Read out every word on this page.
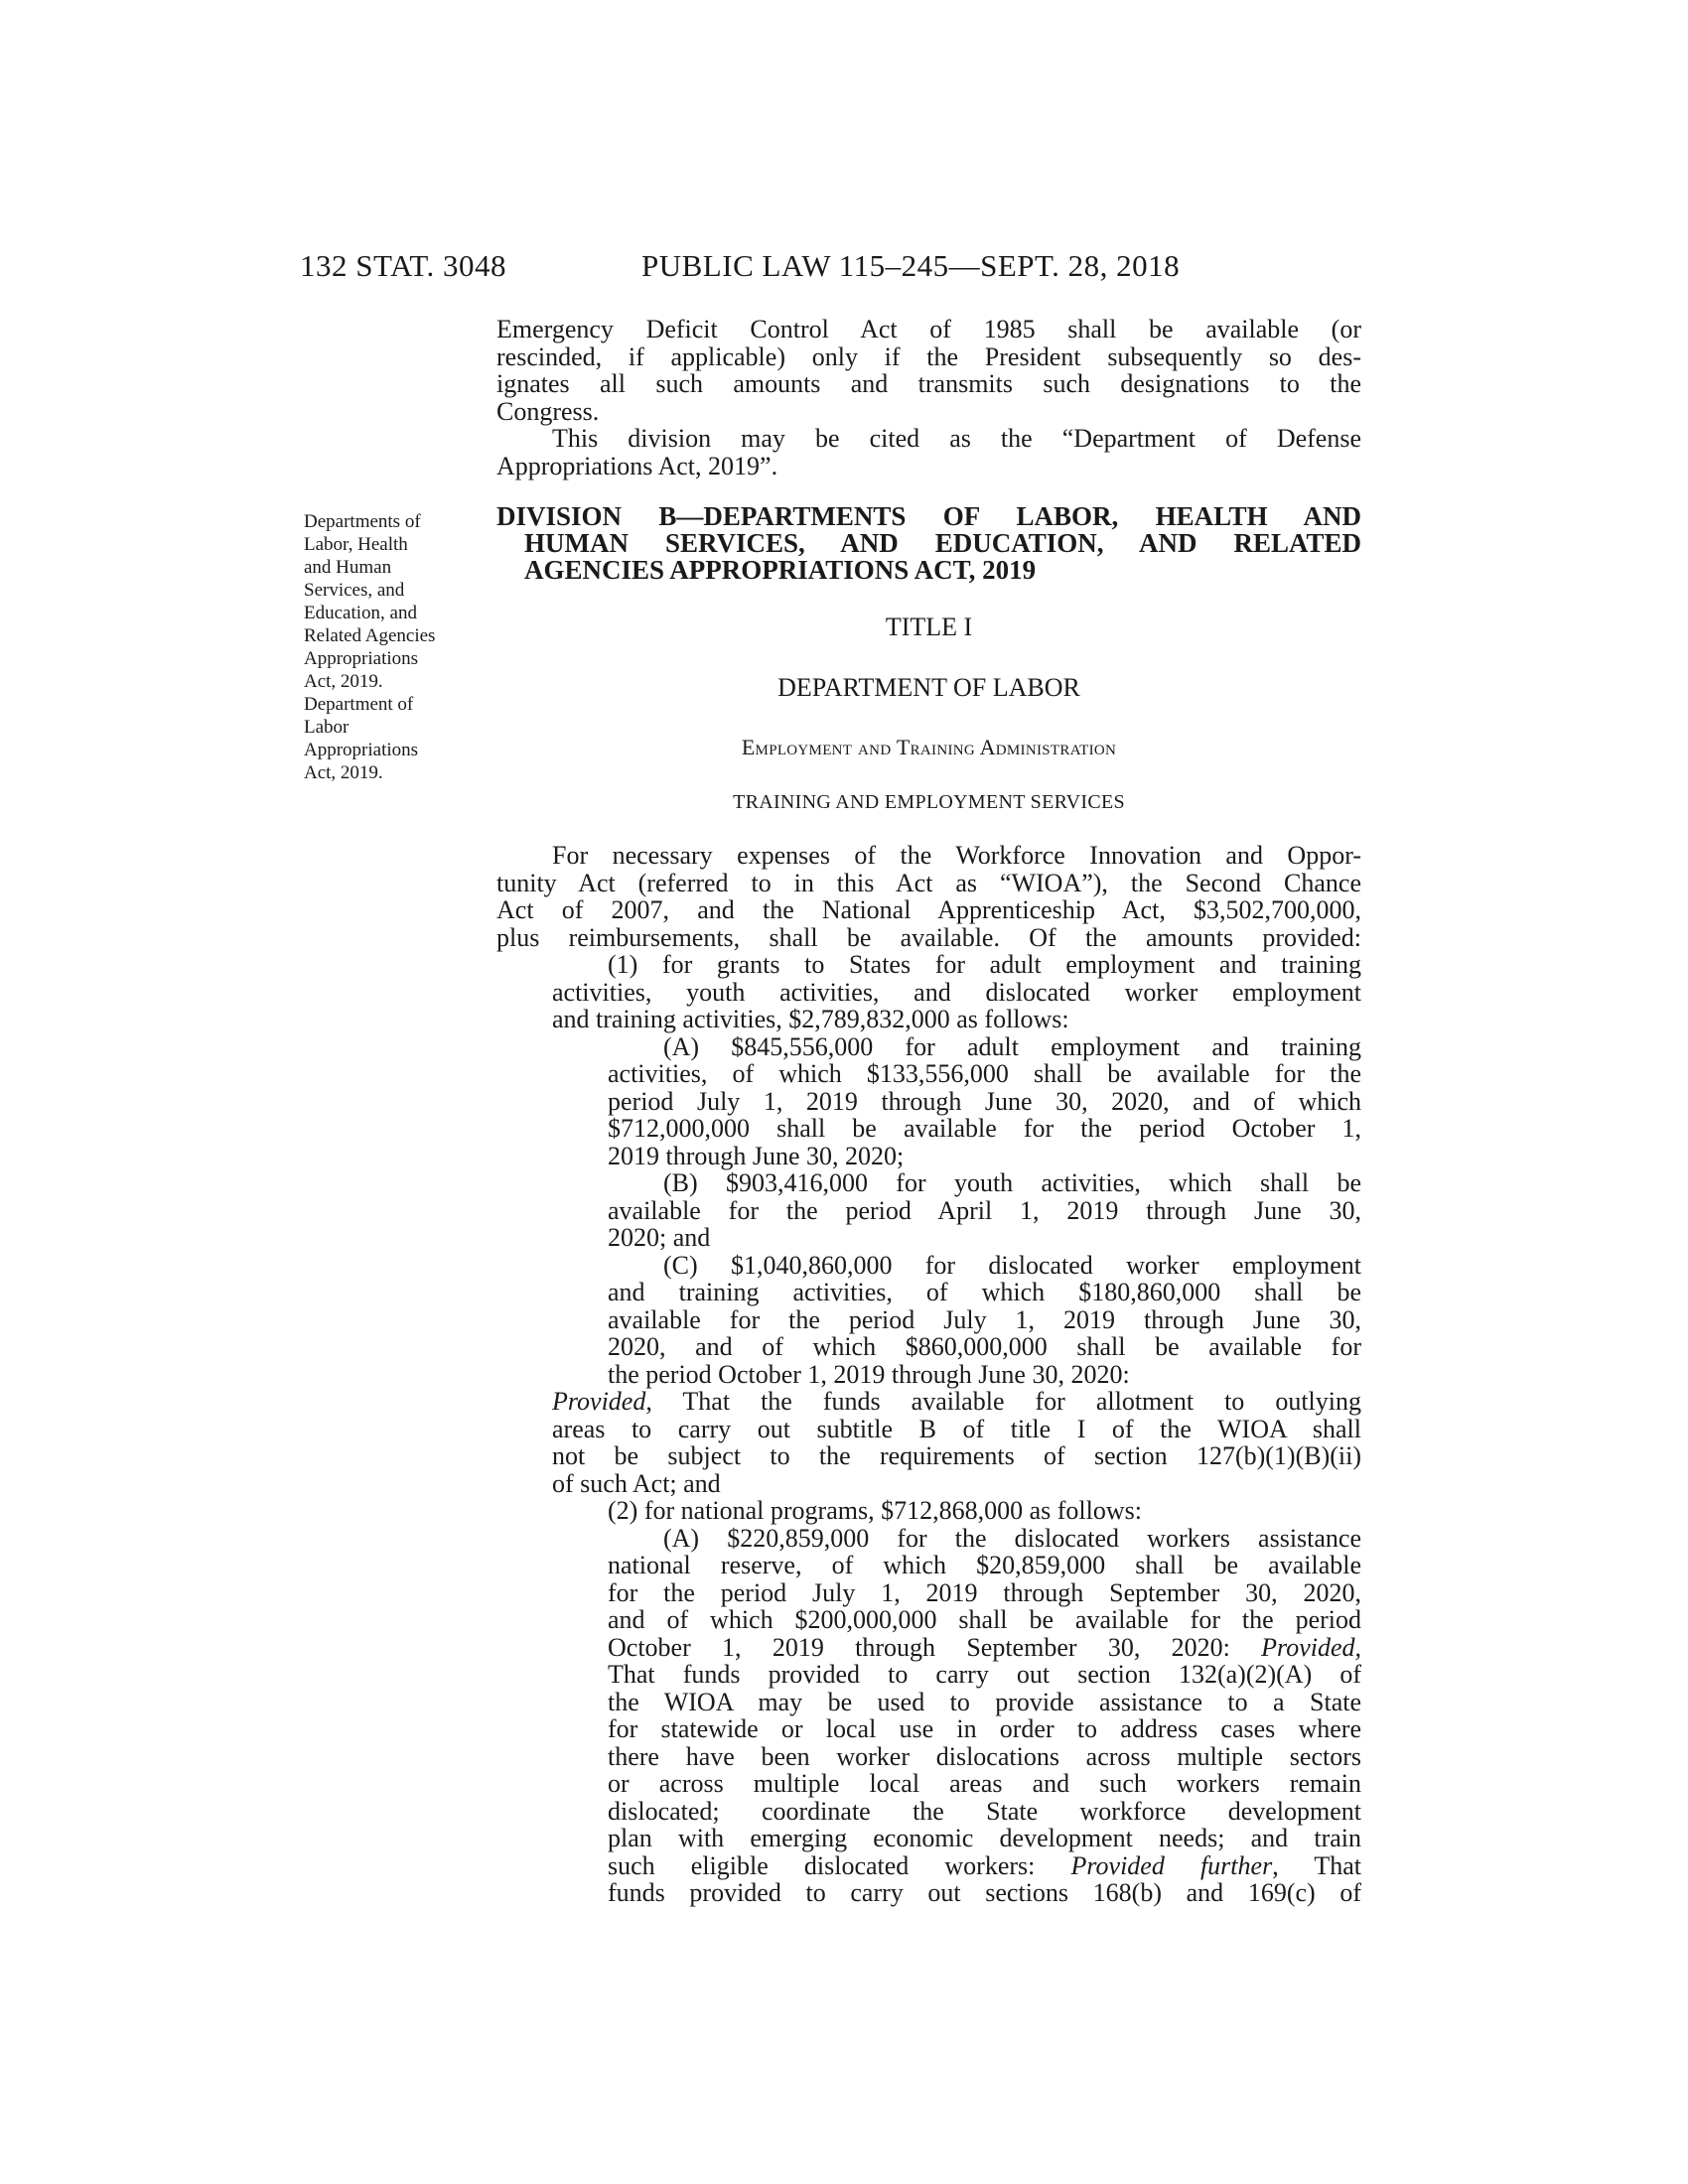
132 STAT. 3048	PUBLIC LAW 115–245—SEPT. 28, 2018
Departments of
Labor, Health
and Human
Services, and
Education, and
Related Agencies
Appropriations
Act, 2019.
Department of
Labor
Appropriations
Act, 2019.

Emergency Deficit Control Act of 1985 shall be available (or

rescinded, if applicable) only if the President subsequently so des-

ignates all such amounts and transmits such designations to the

Congress.

This division may be cited as the “Department of Defense

Appropriations Act, 2019”.

DIVISION B—DEPARTMENTS OF LABOR, HEALTH AND
HUMAN SERVICES, AND EDUCATION, AND RELATED
AGENCIES APPROPRIATIONS ACT, 2019

TITLE I

DEPARTMENT OF LABOR

Employment and Training Administration

TRAINING AND EMPLOYMENT SERVICES

For necessary expenses of the Workforce Innovation and Oppor-

tunity Act (referred to in this Act as “WIOA”), the Second Chance

Act of 2007, and the National Apprenticeship Act, $3,502,700,000,

plus reimbursements, shall be available. Of the amounts provided:

(1) for grants to States for adult employment and training

activities, youth activities, and dislocated worker employment

and training activities, $2,789,832,000 as follows:

(A) $845,556,000 for adult employment and training

activities, of which $133,556,000 shall be available for the

period July 1, 2019 through June 30, 2020, and of which

$712,000,000 shall be available for the period October 1,

2019 through June 30, 2020;

(B) $903,416,000 for youth activities, which shall be

available for the period April 1, 2019 through June 30,

2020; and

(C) $1,040,860,000 for dislocated worker employment

and training activities, of which $180,860,000 shall be

available for the period July 1, 2019 through June 30,

2020, and of which $860,000,000 shall be available for

the period October 1, 2019 through June 30, 2020:

Provided, That the funds available for allotment to outlying

areas to carry out subtitle B of title I of the WIOA shall

not be subject to the requirements of section 127(b)(1)(B)(ii)

of such Act; and

(2) for national programs, $712,868,000 as follows:

(A) $220,859,000 for the dislocated workers assistance

national reserve, of which $20,859,000 shall be available

for the period July 1, 2019 through September 30, 2020,

and of which $200,000,000 shall be available for the period

October 1, 2019 through September 30, 2020: Provided,

That funds provided to carry out section 132(a)(2)(A) of

the WIOA may be used to provide assistance to a State

for statewide or local use in order to address cases where

there have been worker dislocations across multiple sectors

or across multiple local areas and such workers remain

dislocated; coordinate the State workforce development

plan with emerging economic development needs; and train

such eligible dislocated workers: Provided further, That

funds provided to carry out sections 168(b) and 169(c) of
